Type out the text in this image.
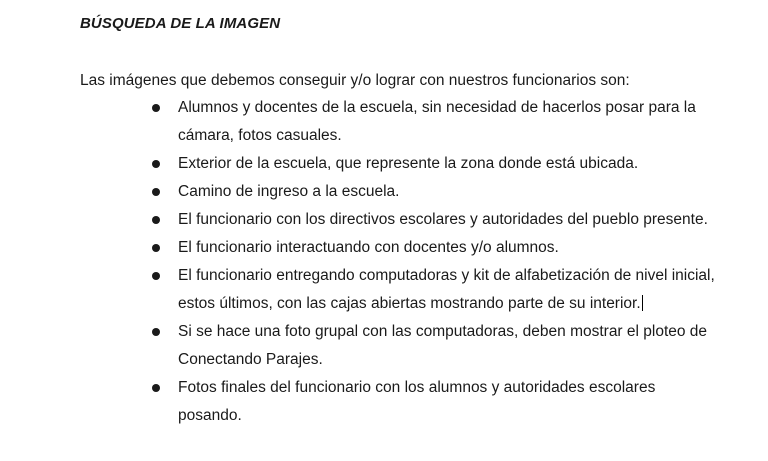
BÚSQUEDA DE LA IMAGEN
Las imágenes que debemos conseguir y/o lograr con nuestros funcionarios son:
Alumnos y docentes de la escuela, sin necesidad de hacerlos posar para la cámara, fotos casuales.
Exterior de la escuela, que represente la zona donde está ubicada.
Camino de ingreso a la escuela.
El funcionario con los directivos escolares y autoridades del pueblo presente.
El funcionario interactuando con docentes y/o alumnos.
El funcionario entregando computadoras y kit de alfabetización de nivel inicial, estos últimos, con las cajas abiertas mostrando parte de su interior.
Si se hace una foto grupal con las computadoras, deben mostrar el ploteo de Conectando Parajes.
Fotos finales del funcionario con los alumnos y autoridades escolares posando.
